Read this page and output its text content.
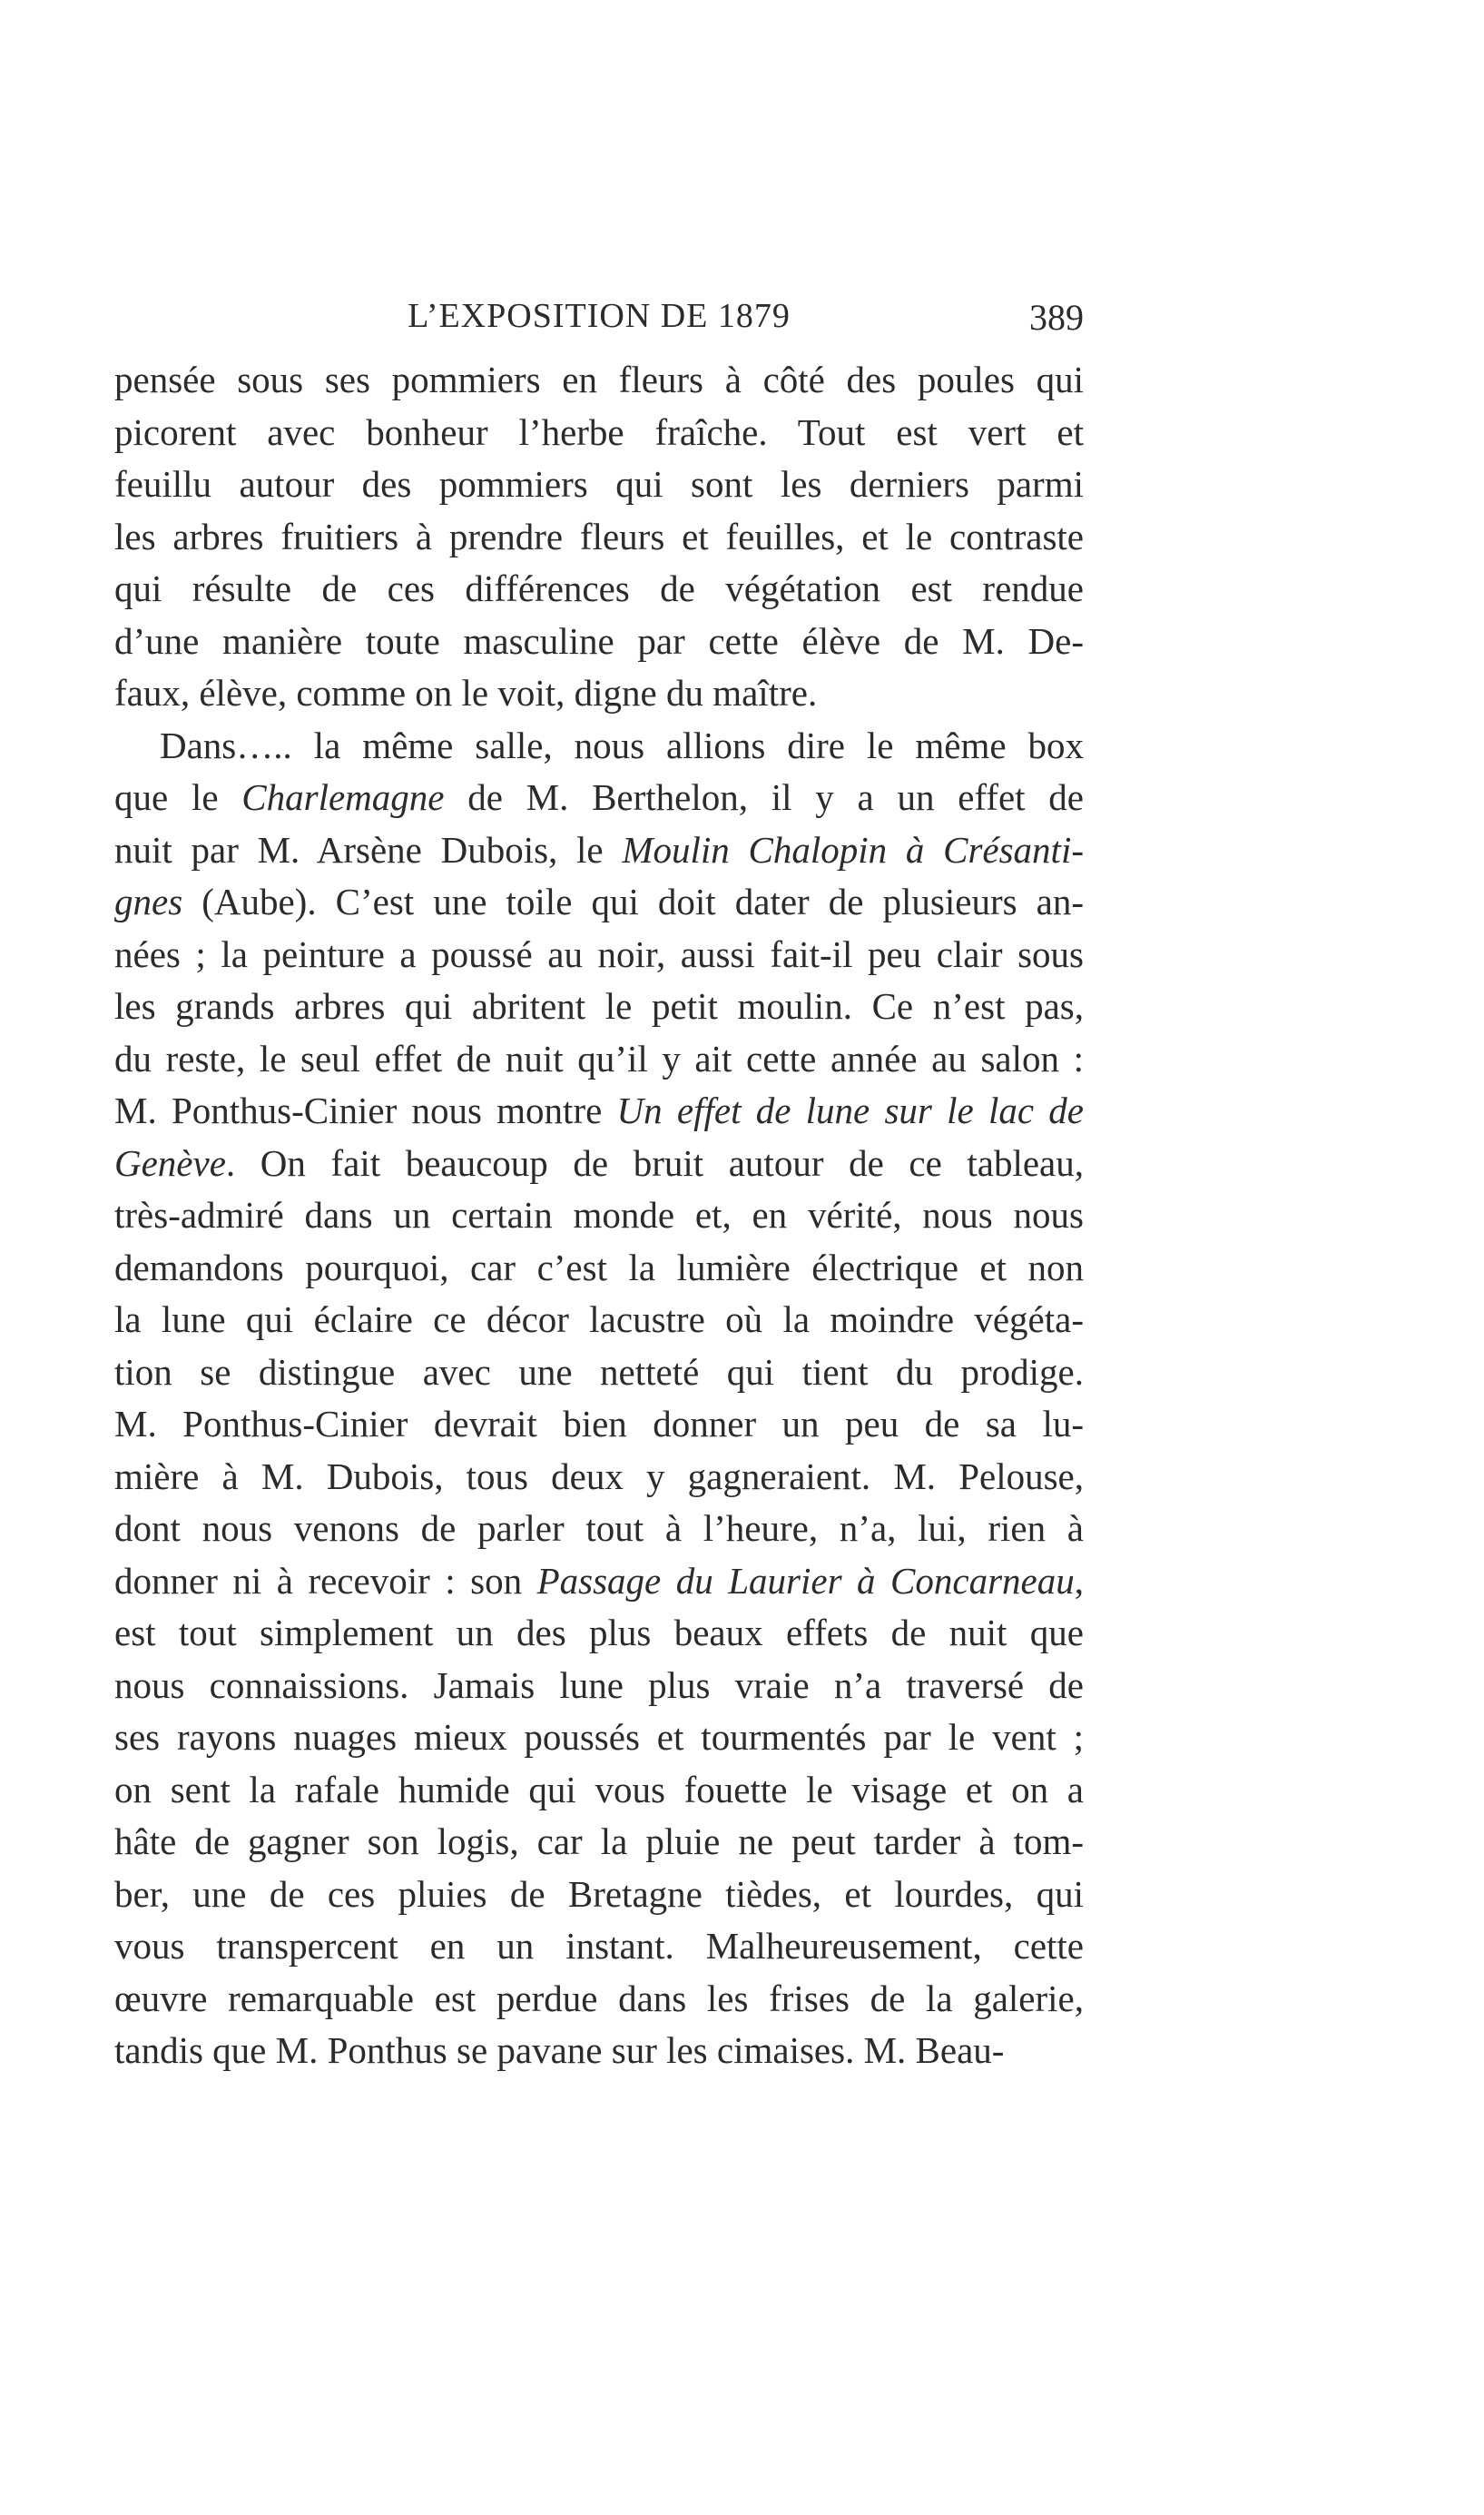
L’EXPOSITION DE 1879	389
pensée sous ses pommiers en fleurs à côté des poules qui
picorent avec bonheur l’herbe fraîche. Tout est vert et
feuillu autour des pommiers qui sont les derniers parmi
les arbres fruitiers à prendre fleurs et feuilles, et le contraste
qui résulte de ces différences de végétation est rendue
d’une manière toute masculine par cette élève de M. De-
faux, élève, comme on le voit, digne du maître.
Dans….. la même salle, nous allions dire le même box
que le Charlemagne de M. Berthelon, il y a un effet de
nuit par M. Arsène Dubois, le Moulin Chalopin à Crésanti-
gnes (Aube). C’est une toile qui doit dater de plusieurs an-
nées ; la peinture a poussé au noir, aussi fait-il peu clair sous
les grands arbres qui abritent le petit moulin. Ce n’est pas,
du reste, le seul effet de nuit qu’il y ait cette année au salon :
M. Ponthus-Cinier nous montre Un effet de lune sur le lac de
Genève. On fait beaucoup de bruit autour de ce tableau,
très-admiré dans un certain monde et, en vérité, nous nous
demandons pourquoi, car c’est la lumière électrique et non
la lune qui éclaire ce décor lacustre où la moindre végéta-
tion se distingue avec une netteté qui tient du prodige.
M. Ponthus-Cinier devrait bien donner un peu de sa lu-
mière à M. Dubois, tous deux y gagneraient. M. Pelouse,
dont nous venons de parler tout à l’heure, n’a, lui, rien à
donner ni à recevoir : son Passage du Laurier à Concarneau,
est tout simplement un des plus beaux effets de nuit que
nous connaissions. Jamais lune plus vraie n’a traversé de
ses rayons nuages mieux poussés et tourmentés par le vent ;
on sent la rafale humide qui vous fouette le visage et on a
hâte de gagner son logis, car la pluie ne peut tarder à tom-
ber, une de ces pluies de Bretagne tièdes, et lourdes, qui
vous transpercent en un instant. Malheureusement, cette
œuvre remarquable est perdue dans les frises de la galerie,
tandis que M. Ponthus se pavane sur les cimaises. M. Beau-
